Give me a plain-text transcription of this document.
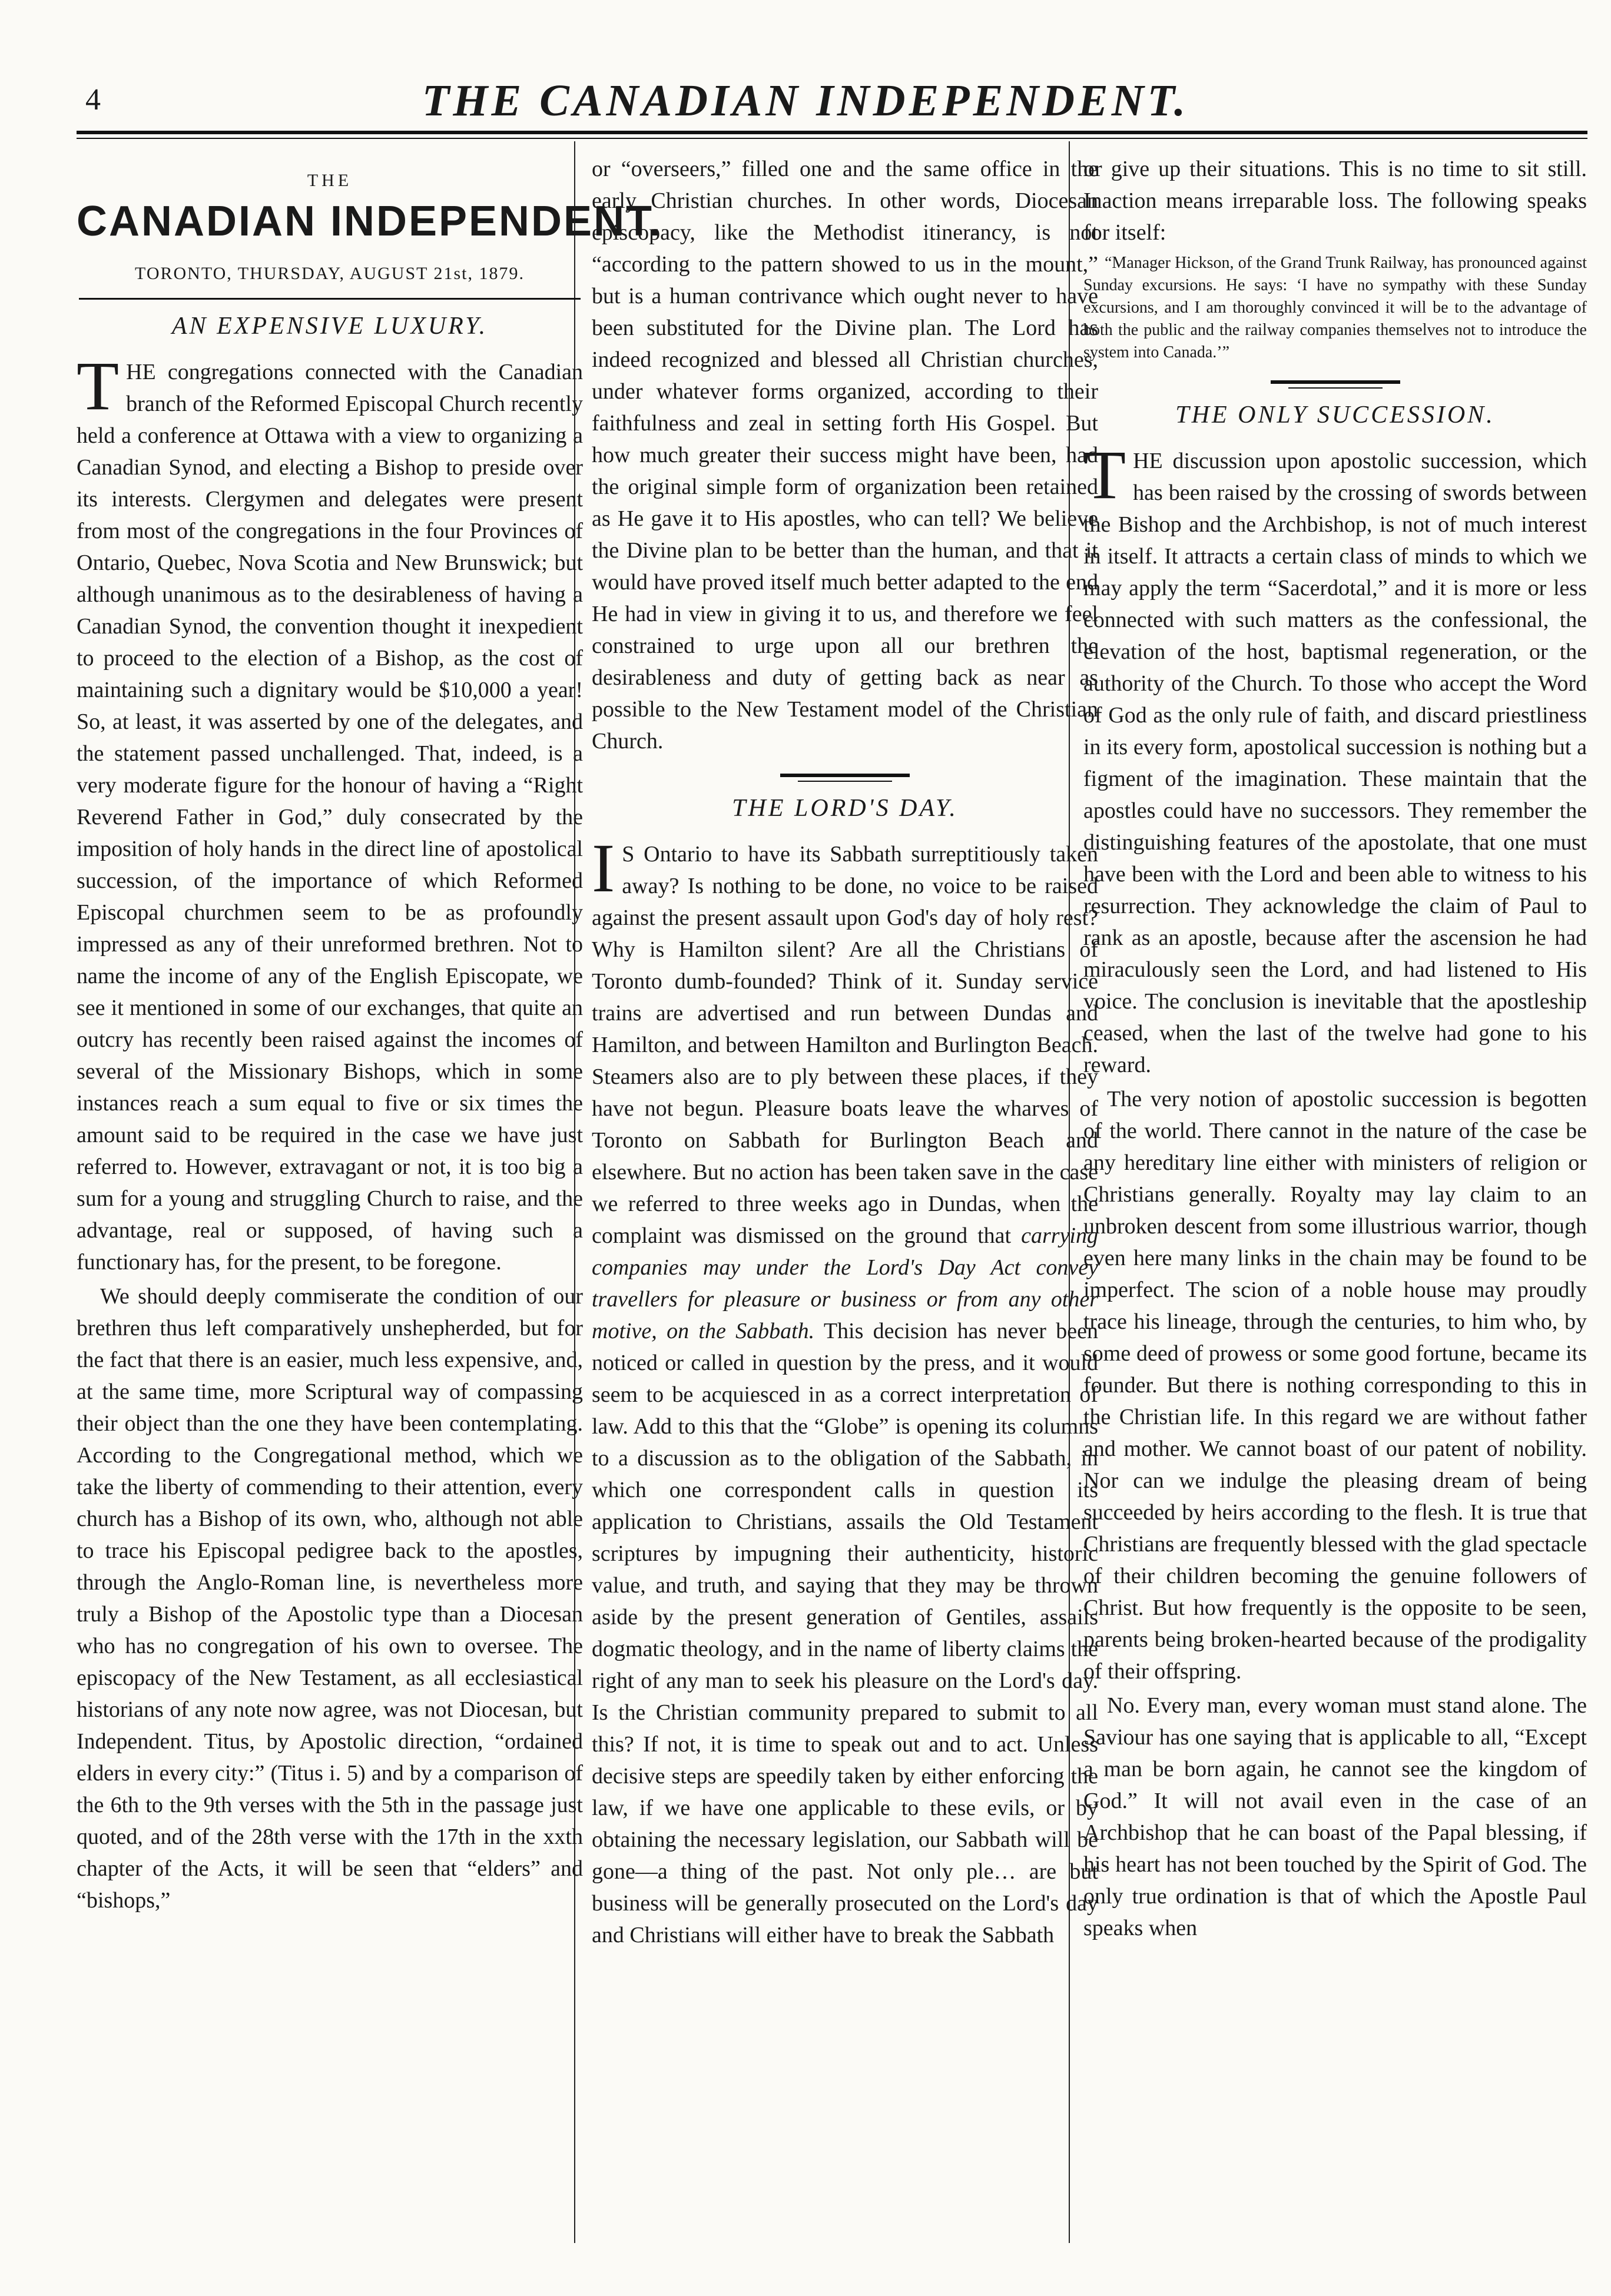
4	THE CANADIAN INDEPENDENT.
THE
CANADIAN INDEPENDENT.
TORONTO, THURSDAY, AUGUST 21st, 1879.
AN EXPENSIVE LUXURY.

THE congregations connected with the Canadian branch of the Reformed Episcopal Church recently held a conference at Ottawa with a view to organizing a Canadian Synod, and electing a Bishop to preside over its interests. Clergymen and delegates were present from most of the congregations in the four Provinces of Ontario, Quebec, Nova Scotia and New Brunswick; but although unanimous as to the desirableness of having a Canadian Synod, the convention thought it inexpedient to proceed to the election of a Bishop, as the cost of maintaining such a dignitary would be $10,000 a year! So, at least, it was asserted by one of the delegates, and the statement passed unchallenged. That, indeed, is a very moderate figure for the honour of having a “Right Reverend Father in God,” duly consecrated by the imposition of holy hands in the direct line of apostolical succession, of the importance of which Reformed Episcopal churchmen seem to be as profoundly impressed as any of their unreformed brethren. Not to name the income of any of the English Episcopate, we see it mentioned in some of our exchanges, that quite an outcry has recently been raised against the incomes of several of the Missionary Bishops, which in some instances reach a sum equal to five or six times the amount said to be required in the case we have just referred to. However, extravagant or not, it is too big a sum for a young and struggling Church to raise, and the advantage, real or supposed, of having such a functionary has, for the present, to be foregone.

We should deeply commiserate the condition of our brethren thus left comparatively unshepherded, but for the fact that there is an easier, much less expensive, and, at the same time, more Scriptural way of compassing their object than the one they have been contemplating. According to the Congregational method, which we take the liberty of commending to their attention, every church has a Bishop of its own, who, although not able to trace his Episcopal pedigree back to the apostles, through the Anglo-Roman line, is nevertheless more truly a Bishop of the Apostolic type than a Diocesan who has no congregation of his own to oversee. The episcopacy of the New Testament, as all ecclesiastical historians of any note now agree, was not Diocesan, but Independent. Titus, by Apostolic direction, “ordained elders in every city:” (Titus i. 5) and by a comparison of the 6th to the 9th verses with the 5th in the passage just quoted, and of the 28th verse with the 17th in the xxth chapter of the Acts, it will be seen that “elders” and “bishops,”

or “overseers,” filled one and the same office in the early Christian churches. In other words, Diocesan episcopacy, like the Methodist itinerancy, is not “according to the pattern showed to us in the mount,” but is a human contrivance which ought never to have been substituted for the Divine plan. The Lord has indeed recognized and blessed all Christian churches, under whatever forms organized, according to their faithfulness and zeal in setting forth His Gospel. But how much greater their success might have been, had the original simple form of organization been retained as He gave it to His apostles, who can tell? We believe the Divine plan to be better than the human, and that it would have proved itself much better adapted to the end He had in view in giving it to us, and therefore we feel constrained to urge upon all our brethren the desirableness and duty of getting back as near as possible to the New Testament model of the Christian Church.

THE LORD'S DAY.

I S Ontario to have its Sabbath surreptitiously taken away? Is nothing to be done, no voice to be raised against the present assault upon God's day of holy rest? Why is Hamilton silent? Are all the Christians of Toronto dumb-founded? Think of it. Sunday service trains are advertised and run between Dundas and Hamilton, and between Hamilton and Burlington Beach. Steamers also are to ply between these places, if they have not begun. Pleasure boats leave the wharves of Toronto on Sabbath for Burlington Beach and elsewhere. But no action has been taken save in the case we referred to three weeks ago in Dundas, when the complaint was dismissed on the ground that carrying companies may under the Lord's Day Act convey travellers for pleasure or business or from any other motive, on the Sabbath. This decision has never been noticed or called in question by the press, and it would seem to be acquiesced in as a correct interpretation of law. Add to this that the “Globe” is opening its columns to a discussion as to the obligation of the Sabbath, in which one correspondent calls in question its application to Christians, assails the Old Testament scriptures by impugning their authenticity, historic value, and truth, and saying that they may be thrown aside by the present generation of Gentiles, assails dogmatic theology, and in the name of liberty claims the right of any man to seek his pleasure on the Lord's day. Is the Christian community prepared to submit to all this? If not, it is time to speak out and to act. Unless decisive steps are speedily taken by either enforcing the law, if we have one applicable to these evils, or by obtaining the necessary legislation, our Sabbath will be gone—a thing of the past. Not only ple… are but business will be generally prosecuted on the Lord's day and Christians will either have to break the Sabbath

or give up their situations. This is no time to sit still. Inaction means irreparable loss. The following speaks for itself:

“Manager Hickson, of the Grand Trunk Railway, has pronounced against Sunday excursions. He says: ‘I have no sympathy with these Sunday excursions, and I am thoroughly convinced it will be to the advantage of both the public and the railway companies themselves not to introduce the system into Canada.’”
THE ONLY SUCCESSION.

THE discussion upon apostolic succession, which has been raised by the crossing of swords between the Bishop and the Archbishop, is not of much interest in itself. It attracts a certain class of minds to which we may apply the term “Sacerdotal,” and it is more or less connected with such matters as the confessional, the elevation of the host, baptismal regeneration, or the authority of the Church. To those who accept the Word of God as the only rule of faith, and discard priestliness in its every form, apostolical succession is nothing but a figment of the imagination. These maintain that the apostles could have no successors. They remember the distinguishing features of the apostolate, that one must have been with the Lord and been able to witness to his resurrection. They acknowledge the claim of Paul to rank as an apostle, because after the ascension he had miraculously seen the Lord, and had listened to His voice. The conclusion is inevitable that the apostleship ceased, when the last of the twelve had gone to his reward.

The very notion of apostolic succession is begotten of the world. There cannot in the nature of the case be any hereditary line either with ministers of religion or Christians generally. Royalty may lay claim to an unbroken descent from some illustrious warrior, though even here many links in the chain may be found to be imperfect. The scion of a noble house may proudly trace his lineage, through the centuries, to him who, by some deed of prowess or some good fortune, became its founder. But there is nothing corresponding to this in the Christian life. In this regard we are without father and mother. We cannot boast of our patent of nobility. Nor can we indulge the pleasing dream of being succeeded by heirs according to the flesh. It is true that Christians are frequently blessed with the glad spectacle of their children becoming the genuine followers of Christ. But how frequently is the opposite to be seen, parents being broken-hearted because of the prodigality of their offspring.

No. Every man, every woman must stand alone. The Saviour has one saying that is applicable to all, “Except a man be born again, he cannot see the kingdom of God.” It will not avail even in the case of an Archbishop that he can boast of the Papal blessing, if his heart has not been touched by the Spirit of God. The only true ordination is that of which the Apostle Paul speaks when
